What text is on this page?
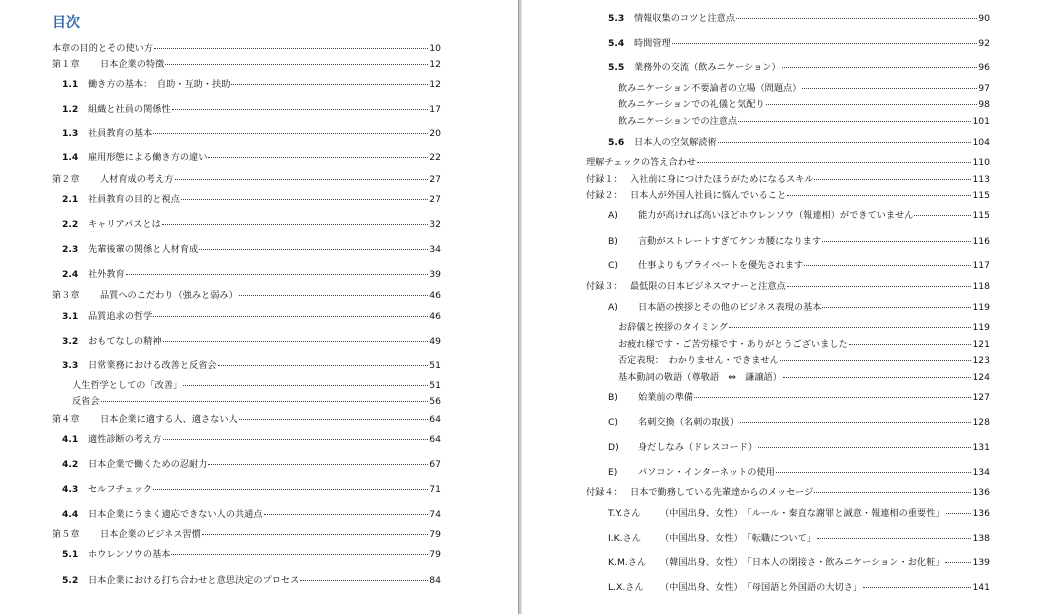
目次
本章の目的とその使い方	10
第１章	日本企業の特徴	12
1.1	働き方の基本：　自助・互助・扶助	12
1.2	組織と社員の関係性	17
1.3	社員教育の基本	20
1.4	雇用形態による働き方の違い	22
第２章	人材育成の考え方	27
2.1	社員教育の目的と視点	27
2.2	キャリアパスとは	32
2.3	先輩後輩の関係と人材育成	34
2.4	社外教育	39
第３章	品質へのこだわり（強みと弱み）	46
3.1	品質追求の哲学	46
3.2	おもてなしの精神	49
3.3	日常業務における改善と反省会	51
人生哲学としての「改善」	51
反省会	56
第４章	日本企業に適する人、適さない人	64
4.1	適性診断の考え方	64
4.2	日本企業で働くための忍耐力	67
4.3	セルフチェック	71
4.4	日本企業にうまく適応できない人の共通点	74
第５章	日本企業のビジネス習慣	79
5.1	ホウレンソウの基本	79
5.2	日本企業における打ち合わせと意思決定のプロセス	84
5.3	情報収集のコツと注意点	90
5.4	時間管理	92
5.5	業務外の交流（飲みニケーション）	96
飲みニケーション不要論者の立場（問題点）	97
飲みニケーションでの礼儀と気配り	98
飲みニケーションでの注意点	101
5.6	日本人の空気解読術	104
理解チェックの答え合わせ	110
付録１： 入社前に身につけたほうがためになるスキル	113
付録２： 日本人が外国人社員に悩んでいること	115
A)	能力が高ければ高いほどホウレンソウ（報連相）ができていません	115
B)	言動がストレートすぎてケンカ腰になります	116
C)	仕事よりもプライベートを優先されます	117
付録３： 最低限の日本ビジネスマナーと注意点	118
A)	日本語の挨拶とその他のビジネス表現の基本	119
お辞儀と挨拶のタイミング	119
お疲れ様です・ご苦労様です・ありがとうございました	121
否定表現：　わかりません・できません	123
基本動詞の敬語（尊敬語　⇔　謙譲語）	124
B)	始業前の準備	127
C)	名刺交換（名刺の取扱）	128
D)	身だしなみ（ドレスコード）	131
E)	パソコン・インターネットの使用	134
付録４： 日本で勤務している先輩達からのメッセージ	136
T.Y.さん	（中国出身、女性）　「ルール・秦直な謝罪と誠意・報連相の重要性」	136
I.K.さん	（中国出身、女性）　「転職について」	138
K.M.さん	（韓国出身、女性）　「日本人の閉接さ・飲みニケーション・お化粧」	139
L.X.さん	（中国出身、女性）　「母国語と外国語の大切さ」	141
